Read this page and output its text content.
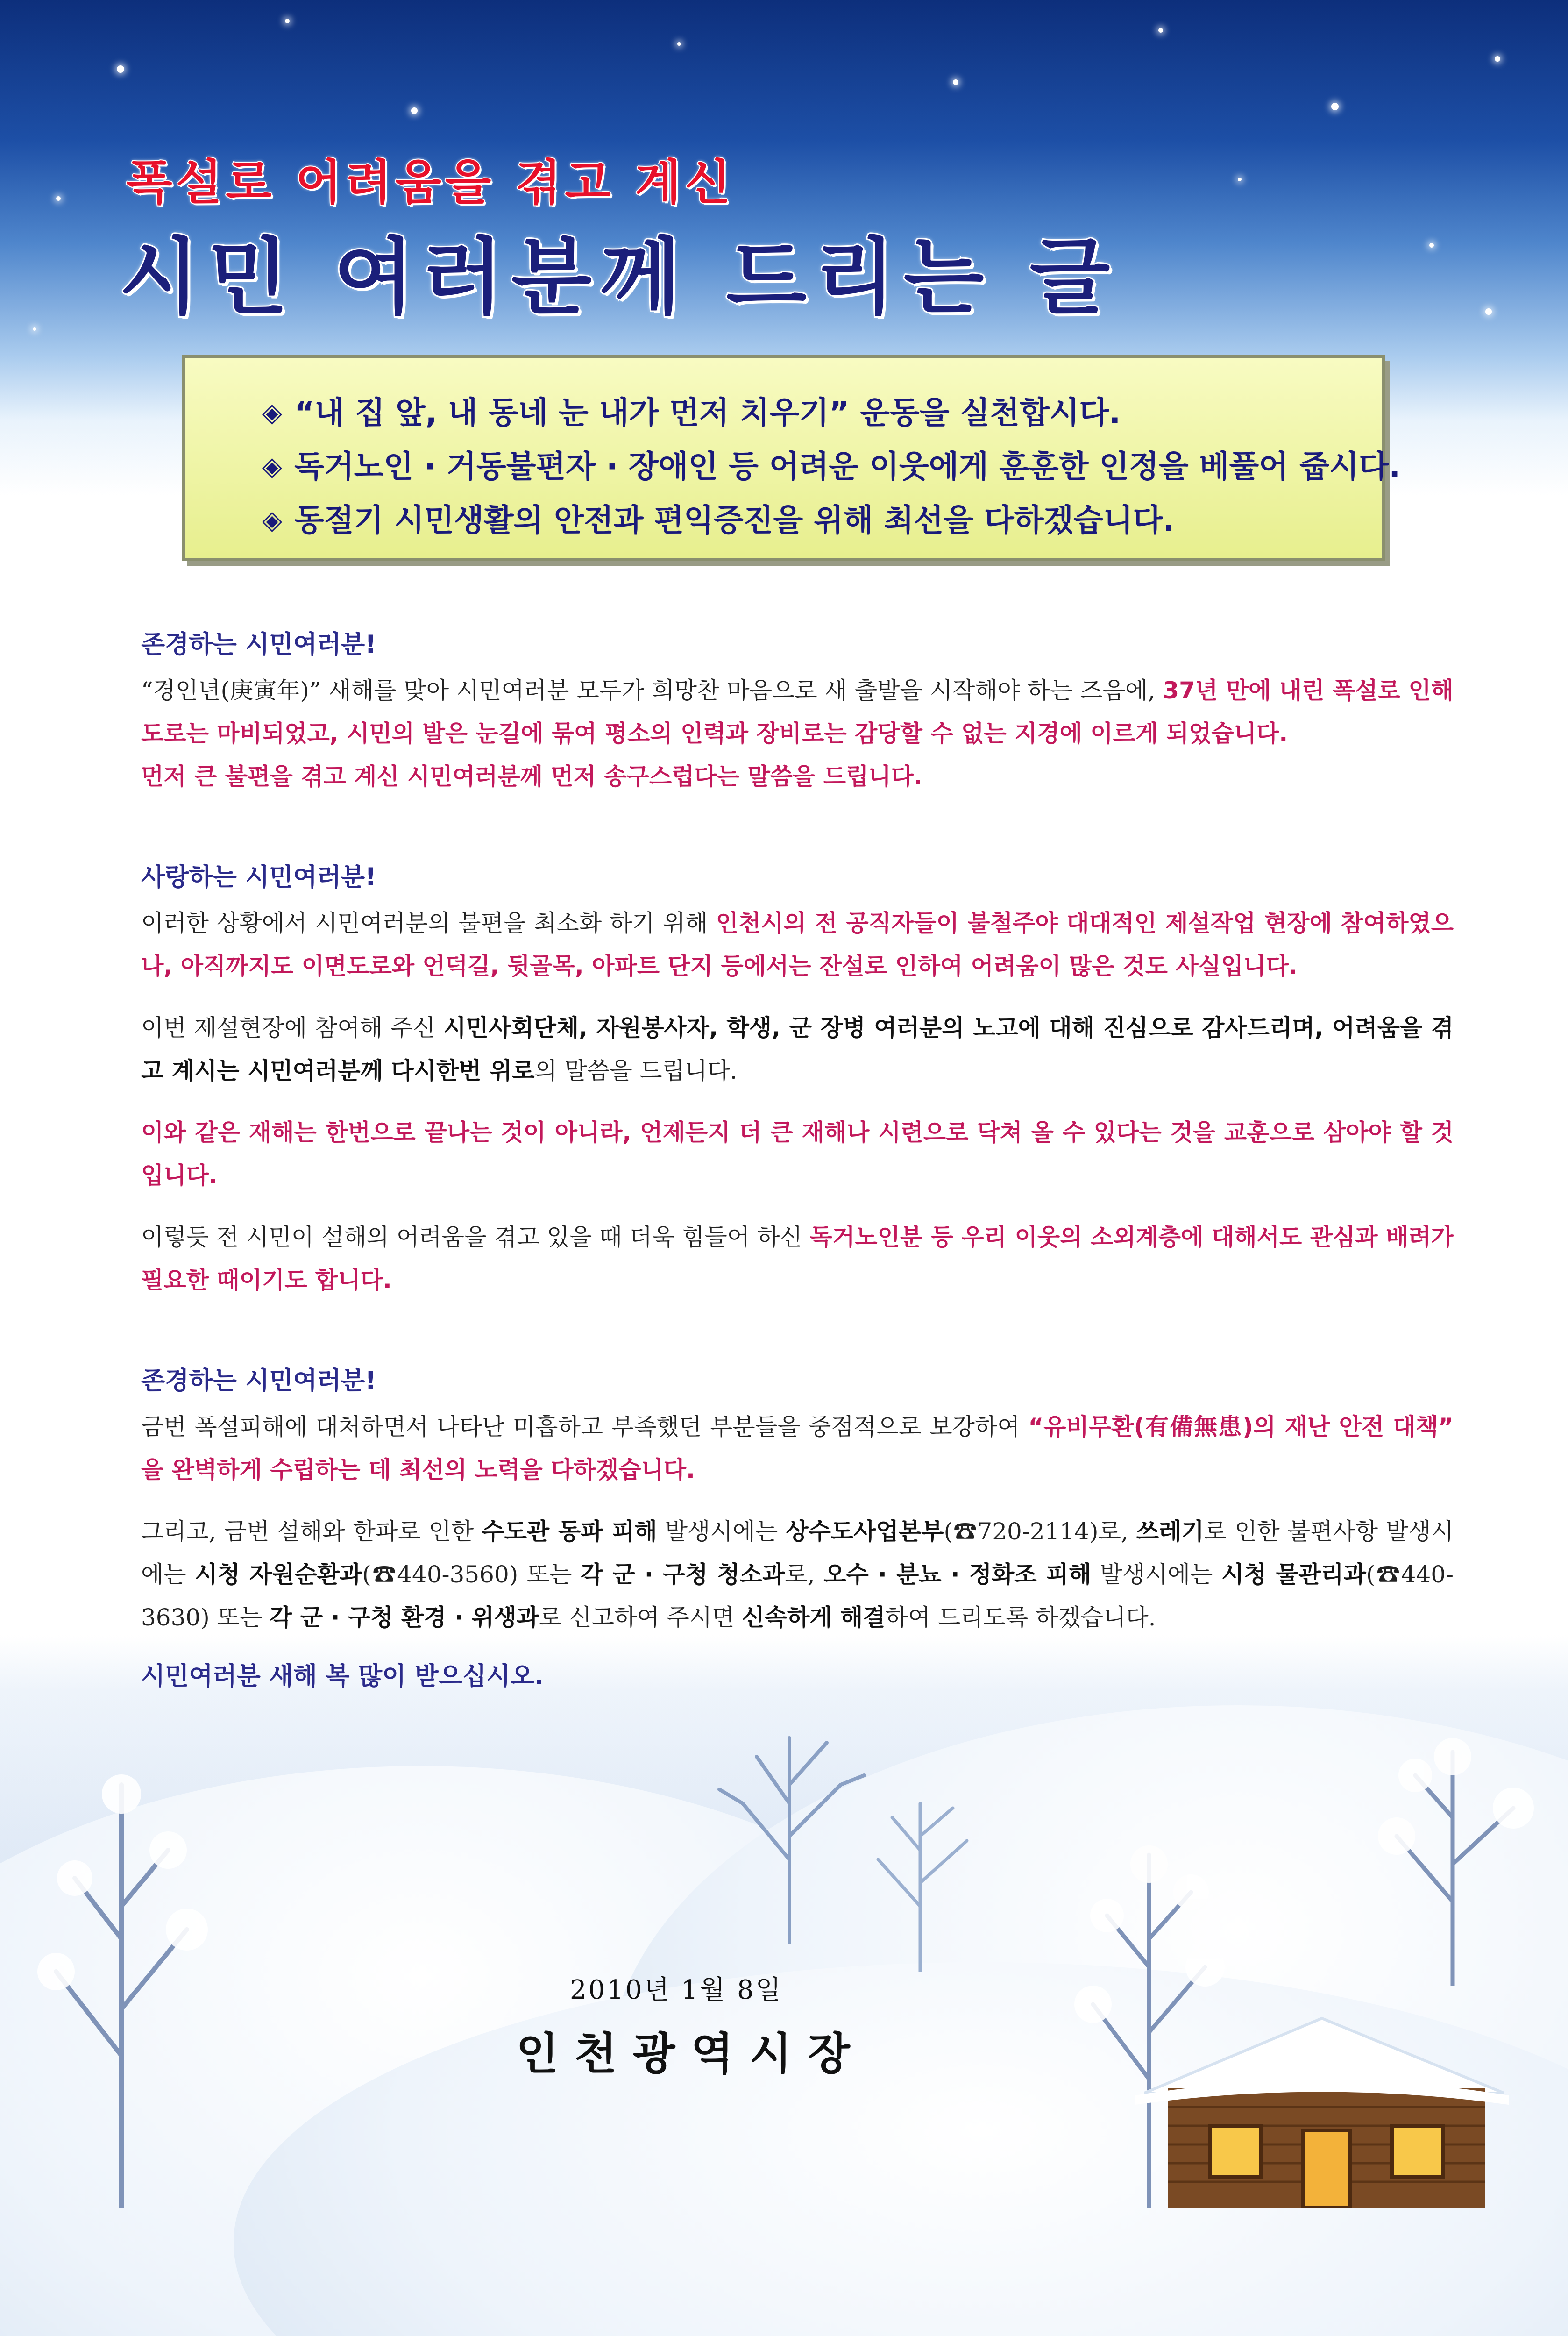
폭설로 어려움을 겪고 계신
시민 여러분께 드리는 글
◈ “내 집 앞, 내 동네 눈 내가 먼저 치우기” 운동을 실천합시다.
◈ 독거노인 · 거동불편자 · 장애인 등 어려운 이웃에게 훈훈한 인정을 베풀어 줍시다.
◈ 동절기 시민생활의 안전과 편익증진을 위해 최선을 다하겠습니다.
존경하는 시민여러분!

“경인년(庚寅年)” 새해를 맞아 시민여러분 모두가 희망찬 마음으로 새 출발을 시작해야 하는 즈음에, 37년 만에 내린 폭설로 인해 도로는 마비되었고, 시민의 발은 눈길에 묶여 평소의 인력과 장비로는 감당할 수 없는 지경에 이르게 되었습니다.

먼저 큰 불편을 겪고 계신 시민여러분께 먼저 송구스럽다는 말씀을 드립니다.

사랑하는 시민여러분!

이러한 상황에서 시민여러분의 불편을 최소화 하기 위해 인천시의 전 공직자들이 불철주야 대대적인 제설작업 현장에 참여하였으나, 아직까지도 이면도로와 언덕길, 뒷골목, 아파트 단지 등에서는 잔설로 인하여 어려움이 많은 것도 사실입니다.

이번 제설현장에 참여해 주신 시민사회단체, 자원봉사자, 학생, 군 장병 여러분의 노고에 대해 진심으로 감사드리며, 어려움을 겪고 계시는 시민여러분께 다시한번 위로의 말씀을 드립니다.

이와 같은 재해는 한번으로 끝나는 것이 아니라, 언제든지 더 큰 재해나 시련으로 닥쳐 올 수 있다는 것을 교훈으로 삼아야 할 것입니다.

이렇듯 전 시민이 설해의 어려움을 겪고 있을 때 더욱 힘들어 하신 독거노인분 등 우리 이웃의 소외계층에 대해서도 관심과 배려가 필요한 때이기도 합니다.

존경하는 시민여러분!

금번 폭설피해에 대처하면서 나타난 미흡하고 부족했던 부분들을 중점적으로 보강하여 “유비무환(有備無患)의 재난 안전 대책” 을 완벽하게 수립하는 데 최선의 노력을 다하겠습니다.

그리고, 금번 설해와 한파로 인한 수도관 동파 피해 발생시에는 상수도사업본부(☎720-2114)로, 쓰레기로 인한 불편사항 발생시에는 시청 자원순환과(☎440-3560) 또는 각 군 · 구청 청소과로, 오수 · 분뇨 · 정화조 피해 발생시에는 시청 물관리과(☎440-3630) 또는 각 군 · 구청 환경 · 위생과로 신고하여 주시면 신속하게 해결하여 드리도록 하겠습니다.

시민여러분 새해 복 많이 받으십시오.
2010년 1월 8일
인천광역시장
